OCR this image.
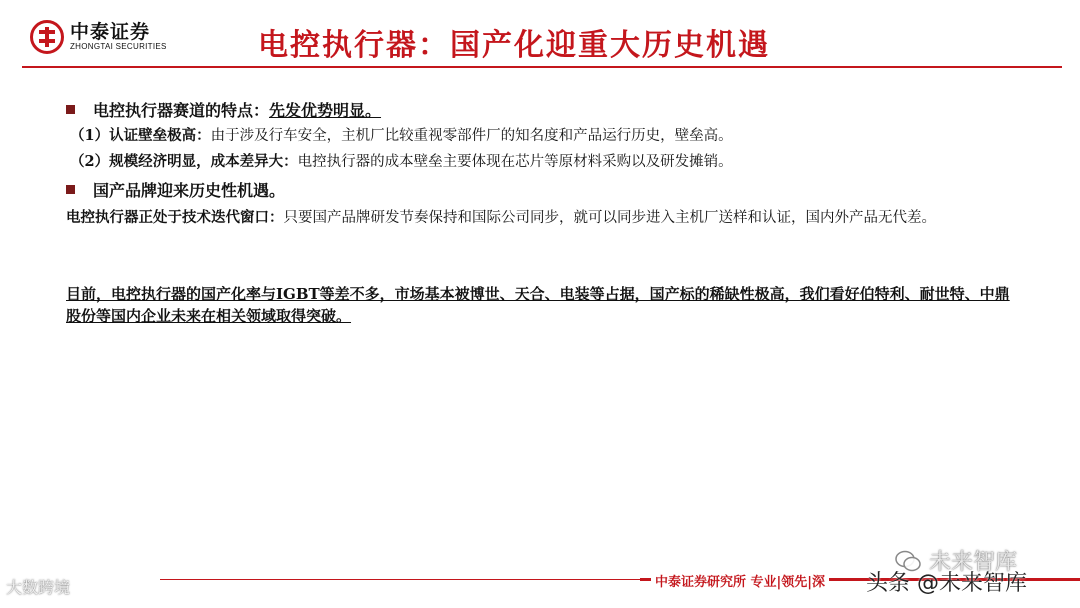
中泰证券
ZHONGTAI SECURITIES	电控执行器：国产化迎重大历史机遇
电控执行器赛道的特点： 先发优势明显。
（1）认证壁垒极高：由于涉及行车安全，主机厂比较重视零部件厂的知名度和产品运行历史，壁垒高。
（2）规模经济明显，成本差异大：电控执行器的成本壁垒主要体现在芯片等原材料采购以及研发摊销。
国产品牌迎来历史性机遇。
电控执行器正处于技术迭代窗口：只要国产品牌研发节奏保持和国际公司同步，就可以同步进入主机厂送样和认证，国内外产品无代差。
目前，电控执行器的国产化率与IGBT等差不多，市场基本被博世、天合、电装等占据，国产标的稀缺性极高，我们看好伯特利、耐世特、中鼎股份等国内企业未来在相关领域取得突破。
中泰证券研究所 专业|领先|深
大数跨境
未来智库
头条 @未来智库
